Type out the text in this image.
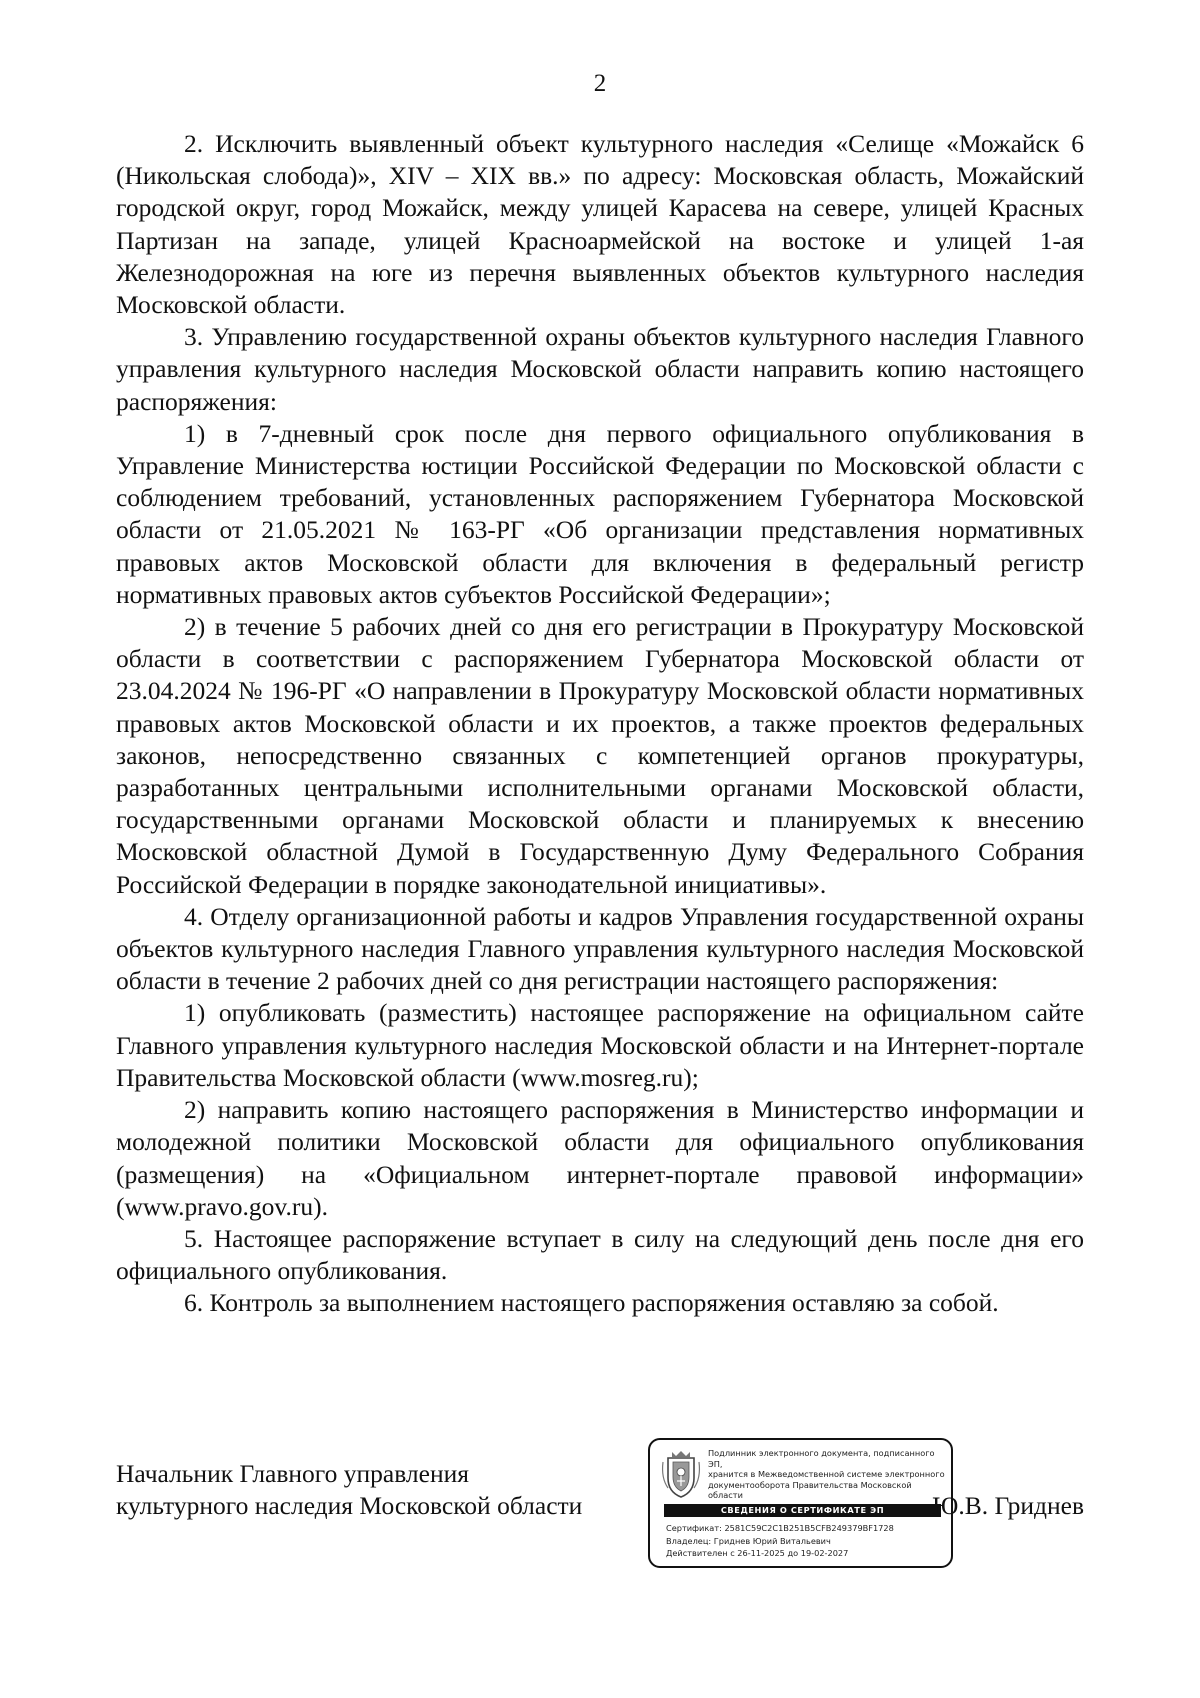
2

2. Исключить выявленный объект культурного наследия «Селище «Можайск 6 (Никольская слобода)», XIV – XIX вв.» по адресу: Московская область, Можайский городской округ, город Можайск, между улицей Карасева на севере, улицей Красных Партизан на западе, улицей Красноармейской на востоке и улицей 1-ая Железнодорожная на юге из перечня выявленных объектов культурного наследия Московской области.

3. Управлению государственной охраны объектов культурного наследия Главного управления культурного наследия Московской области направить копию настоящего распоряжения:

1) в 7-дневный срок после дня первого официального опубликования в Управление Министерства юстиции Российской Федерации по Московской области с соблюдением требований, установленных распоряжением Губернатора Московской области от 21.05.2021 № 163-РГ «Об организации представления нормативных правовых актов Московской области для включения в федеральный регистр нормативных правовых актов субъектов Российской Федерации»;

2) в течение 5 рабочих дней со дня его регистрации в Прокуратуру Московской области в соответствии с распоряжением Губернатора Московской области от 23.04.2024 № 196-РГ «О направлении в Прокуратуру Московской области нормативных правовых актов Московской области и их проектов, а также проектов федеральных законов, непосредственно связанных с компетенцией органов прокуратуры, разработанных центральными исполнительными органами Московской области, государственными органами Московской области и планируемых к внесению Московской областной Думой в Государственную Думу Федерального Собрания Российской Федерации в порядке законодательной инициативы».

4. Отделу организационной работы и кадров Управления государственной охраны объектов культурного наследия Главного управления культурного наследия Московской области в течение 2 рабочих дней со дня регистрации настоящего распоряжения:

1) опубликовать (разместить) настоящее распоряжение на официальном сайте Главного управления культурного наследия Московской области и на Интернет-портале Правительства Московской области (www.mosreg.ru);

2) направить копию настоящего распоряжения в Министерство информации и молодежной политики Московской области для официального опубликования (размещения) на «Официальном интернет-портале правовой информации» (www.pravo.gov.ru).

5. Настоящее распоряжение вступает в силу на следующий день после дня его официального опубликования.

6. Контроль за выполнением настоящего распоряжения оставляю за собой.

Начальник Главного управления
культурного наследия Московской области
Подлинник электронного документа, подписанного ЭП,
хранится в Межведомственной системе электронного
документооборота Правительства Московской области
СВЕДЕНИЯ О СЕРТИФИКАТЕ ЭП
Сертификат: 2581C59C2C1B251B5CFB249379BF1728
Владелец: Гриднев Юрий Витальевич
Действителен с 26-11-2025 до 19-02-2027
Ю.В. Гриднев
